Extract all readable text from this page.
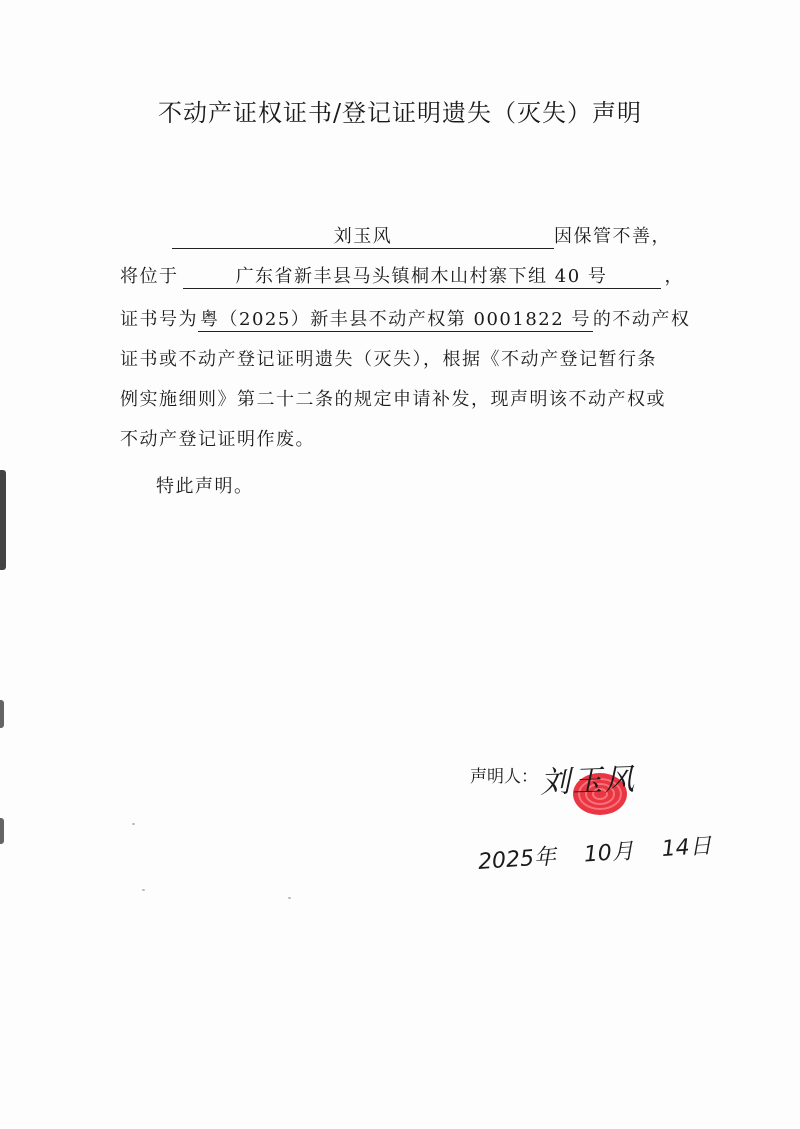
不动产证权证书/登记证明遗失（灭失）声明
刘玉风	因保管不善，
将位于	广东省新丰县马头镇桐木山村寨下组 40 号	，
证书号为 粤（2025）新丰县不动产权第 0001822 号 的不动产权
证书或不动产登记证明遗失（灭失），根据《不动产登记暂行条
例实施细则》第二十二条的规定申请补发，现声明该不动产权或
不动产登记证明作废。
特此声明。
声明人： 刘玉风
2025年 10月 14日
